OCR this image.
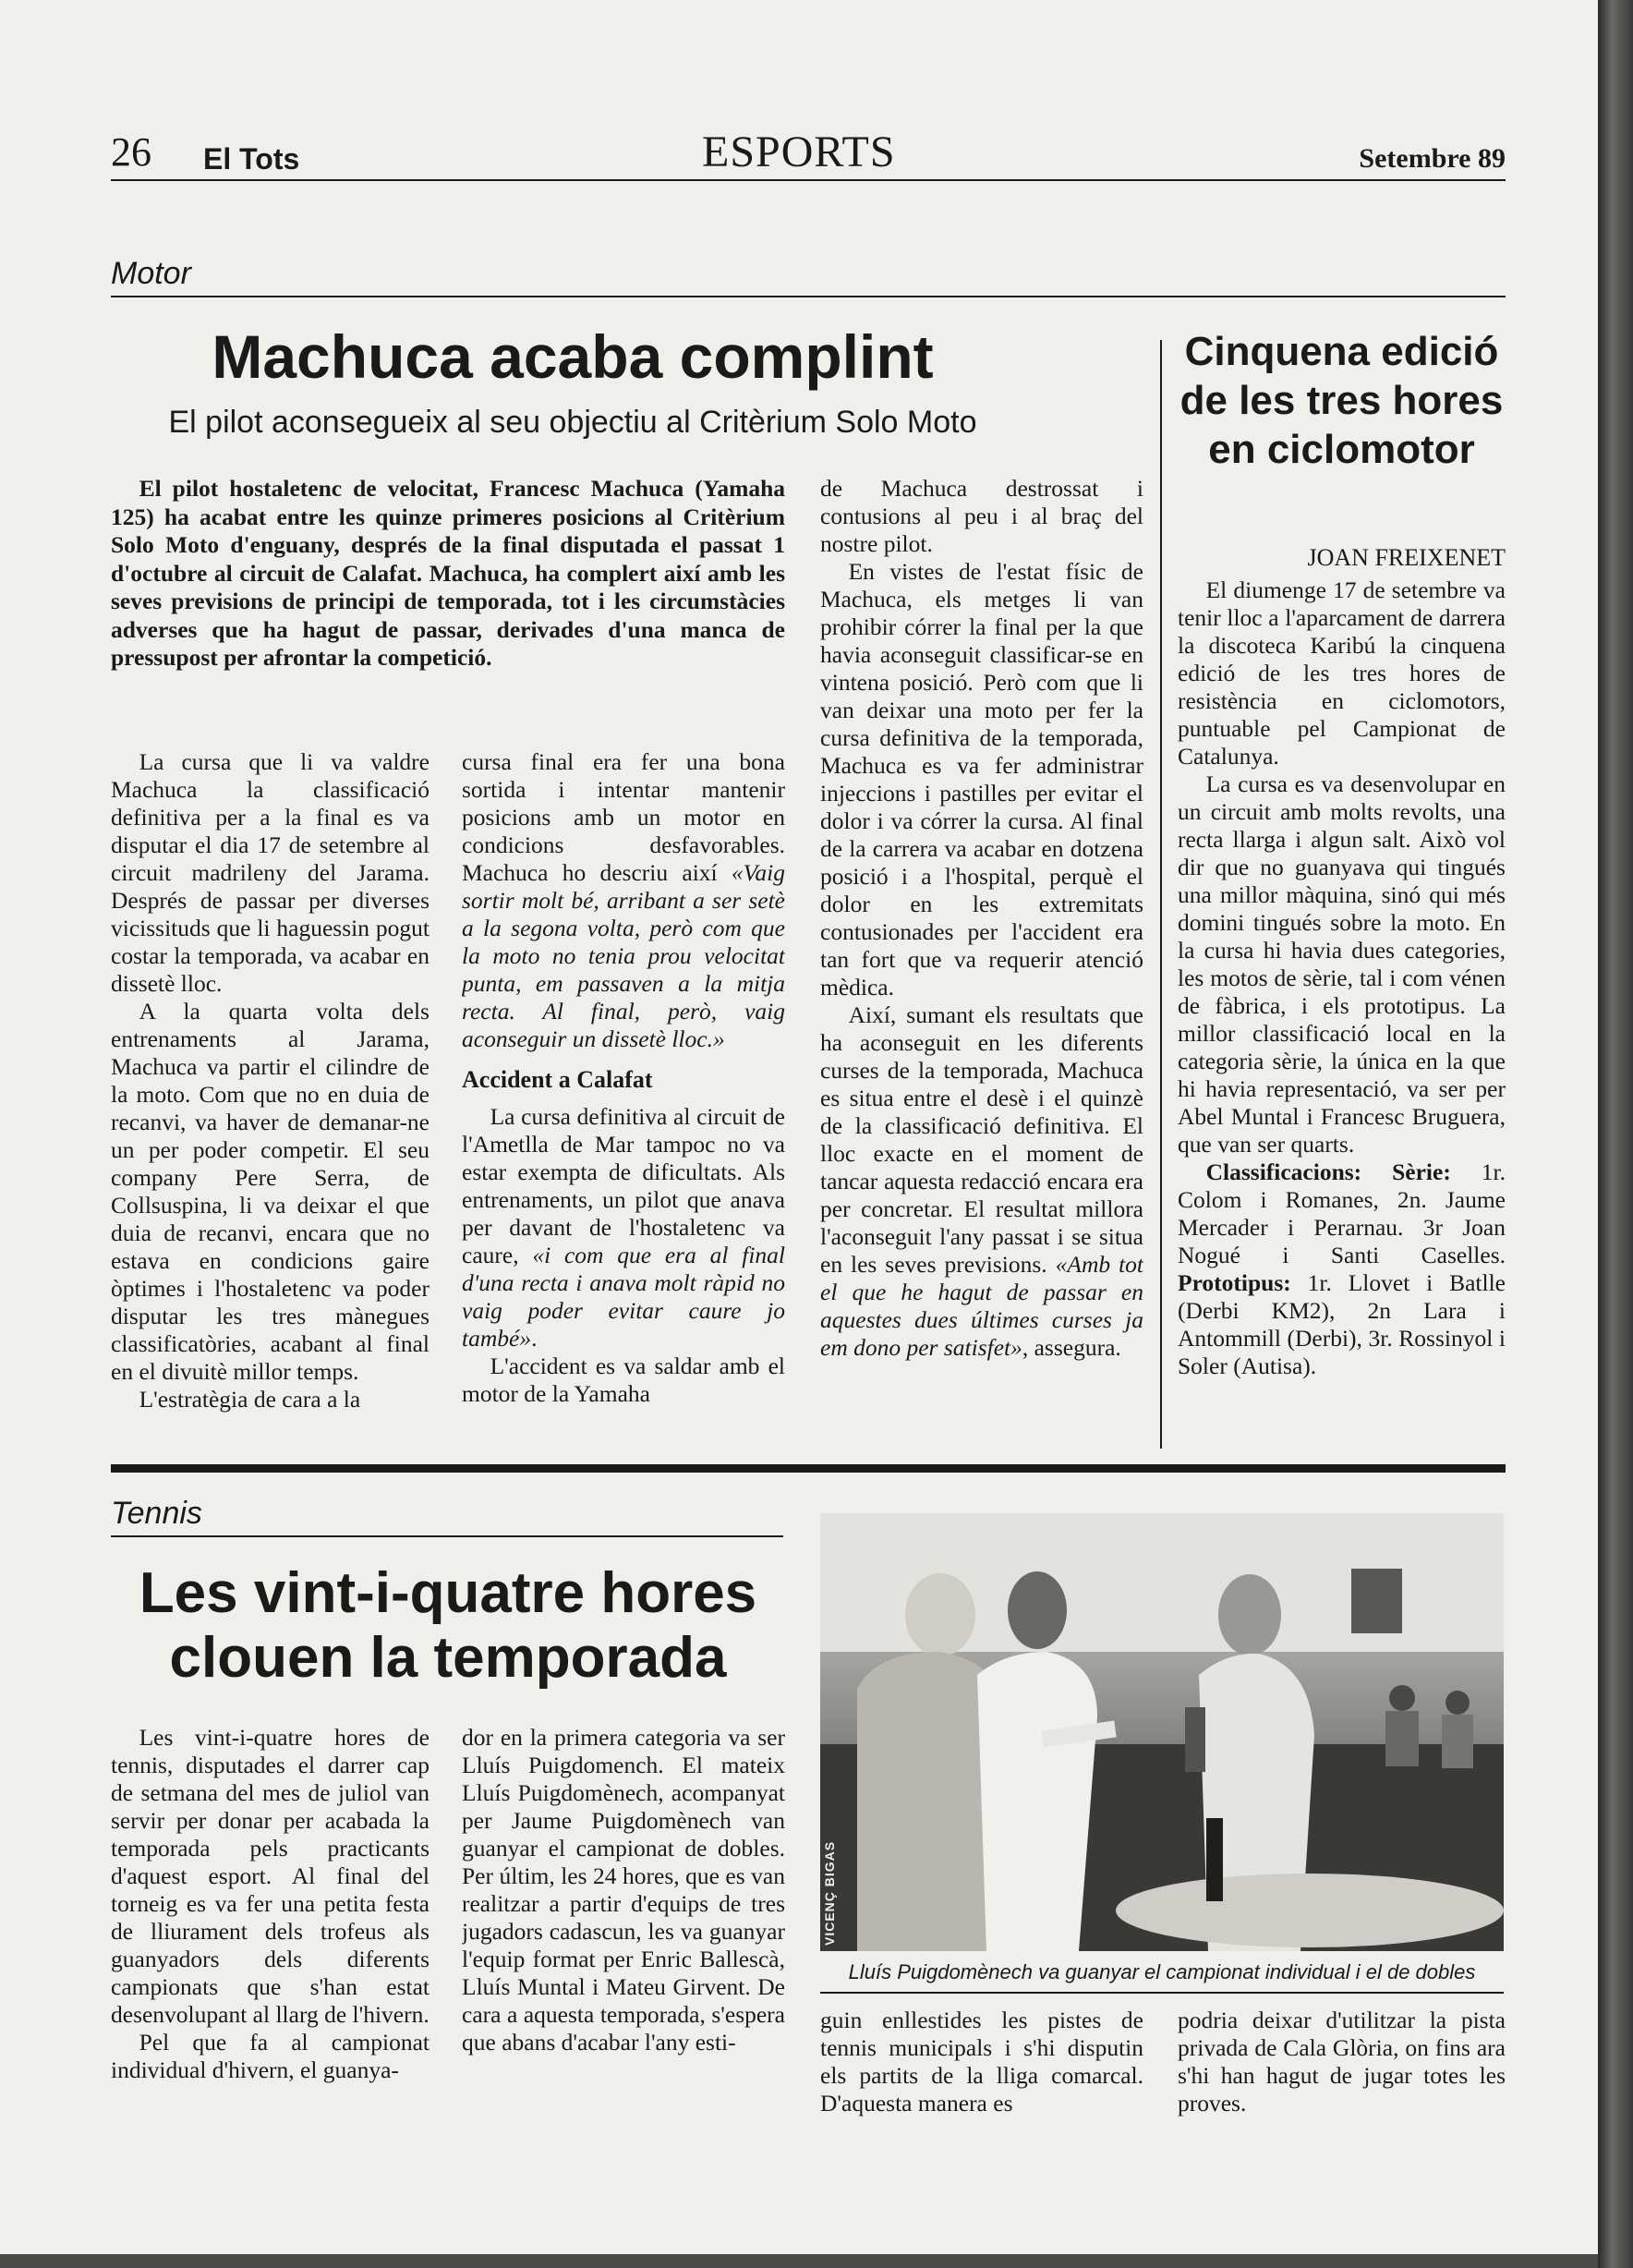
26 El Tots	ESPORTS	Setembre 89
Motor
Machuca acaba complint
El pilot aconsegueix al seu objectiu al Critèrium Solo Moto

El pilot hostaletenc de velocitat, Francesc Machuca (Yamaha 125) ha acabat entre les quinze primeres posicions al Critèrium Solo Moto d'enguany, després de la final disputada el passat 1 d'octubre al circuit de Calafat. Machuca, ha complert així amb les seves previsions de principi de temporada, tot i les circumstàcies adverses que ha hagut de passar, derivades d'una manca de pressupost per afrontar la competició.

La cursa que li va valdre Machuca la classificació definitiva per a la final es va disputar el dia 17 de setembre al circuit madrileny del Jarama. Després de passar per diverses vicissituds que li haguessin pogut costar la temporada, va acabar en dissetè lloc.

A la quarta volta dels entrenaments al Jarama, Machuca va partir el cilindre de la moto. Com que no en duia de recanvi, va haver de demanar-ne un per poder competir. El seu company Pere Serra, de Collsuspina, li va deixar el que duia de recanvi, encara que no estava en condicions gaire òptimes i l'hostaletenc va poder disputar les tres mànegues classificatòries, acabant al final en el divuitè millor temps.

L'estratègia de cara a la

cursa final era fer una bona sortida i intentar mantenir posicions amb un motor en condicions desfavorables. Machuca ho descriu així «Vaig sortir molt bé, arribant a ser setè a la segona volta, però com que la moto no tenia prou velocitat punta, em passaven a la mitja recta. Al final, però, vaig aconseguir un dissetè lloc.»

Accident a Calafat

La cursa definitiva al circuit de l'Ametlla de Mar tampoc no va estar exempta de dificultats. Als entrenaments, un pilot que anava per davant de l'hostaletenc va caure, «i com que era al final d'una recta i anava molt ràpid no vaig poder evitar caure jo també».

L'accident es va saldar amb el motor de la Yamaha

de Machuca destrossat i contusions al peu i al braç del nostre pilot.

En vistes de l'estat físic de Machuca, els metges li van prohibir córrer la final per la que havia aconseguit classificar-se en vintena posició. Però com que li van deixar una moto per fer la cursa definitiva de la temporada, Machuca es va fer administrar injeccions i pastilles per evitar el dolor i va córrer la cursa. Al final de la carrera va acabar en dotzena posició i a l'hospital, perquè el dolor en les extremitats contusionades per l'accident era tan fort que va requerir atenció mèdica.

Així, sumant els resultats que ha aconseguit en les diferents curses de la temporada, Machuca es situa entre el desè i el quinzè de la classificació definitiva. El lloc exacte en el moment de tancar aquesta redacció encara era per concretar. El resultat millora l'aconseguit l'any passat i se situa en les seves previsions. «Amb tot el que he hagut de passar en aquestes dues últimes curses ja em dono per satisfet», assegura.

Cinquena edició de les tres hores en ciclomotor
JOAN FREIXENET

El diumenge 17 de setembre va tenir lloc a l'aparcament de darrera la discoteca Karibú la cinquena edició de les tres hores de resistència en ciclomotors, puntuable pel Campionat de Catalunya.

La cursa es va desenvolupar en un circuit amb molts revolts, una recta llarga i algun salt. Això vol dir que no guanyava qui tingués una millor màquina, sinó qui més domini tingués sobre la moto. En la cursa hi havia dues categories, les motos de sèrie, tal i com vénen de fàbrica, i els prototipus. La millor classificació local en la categoria sèrie, la única en la que hi havia representació, va ser per Abel Muntal i Francesc Bruguera, que van ser quarts.

Classificacions: Sèrie: 1r. Colom i Romanes, 2n. Jaume Mercader i Perarnau. 3r Joan Nogué i Santi Caselles. Prototipus: 1r. Llovet i Batlle (Derbi KM2), 2n Lara i Antommill (Derbi), 3r. Rossinyol i Soler (Autisa).

Tennis
Les vint-i-quatre hores
clouen la temporada

Les vint-i-quatre hores de tennis, disputades el darrer cap de setmana del mes de juliol van servir per donar per acabada la temporada pels practicants d'aquest esport. Al final del torneig es va fer una petita festa de lliurament dels trofeus als guanyadors dels diferents campionats que s'han estat desenvolupant al llarg de l'hivern.

Pel que fa al campionat individual d'hivern, el guanya-

dor en la primera categoria va ser Lluís Puigdomench. El mateix Lluís Puigdomènech, acompanyat per Jaume Puigdomènech van guanyar el campionat de dobles. Per últim, les 24 hores, que es van realitzar a partir d'equips de tres jugadors cadascun, les va guanyar l'equip format per Enric Ballescà, Lluís Muntal i Mateu Girvent. De cara a aquesta temporada, s'espera que abans d'acabar l'any esti-

VICENÇ BIGAS
Lluís Puigdomènech va guanyar el campionat individual i el de dobles

guin enllestides les pistes de tennis municipals i s'hi disputin els partits de la lliga comarcal. D'aquesta manera es

podria deixar d'utilitzar la pista privada de Cala Glòria, on fins ara s'hi han hagut de jugar totes les proves.
